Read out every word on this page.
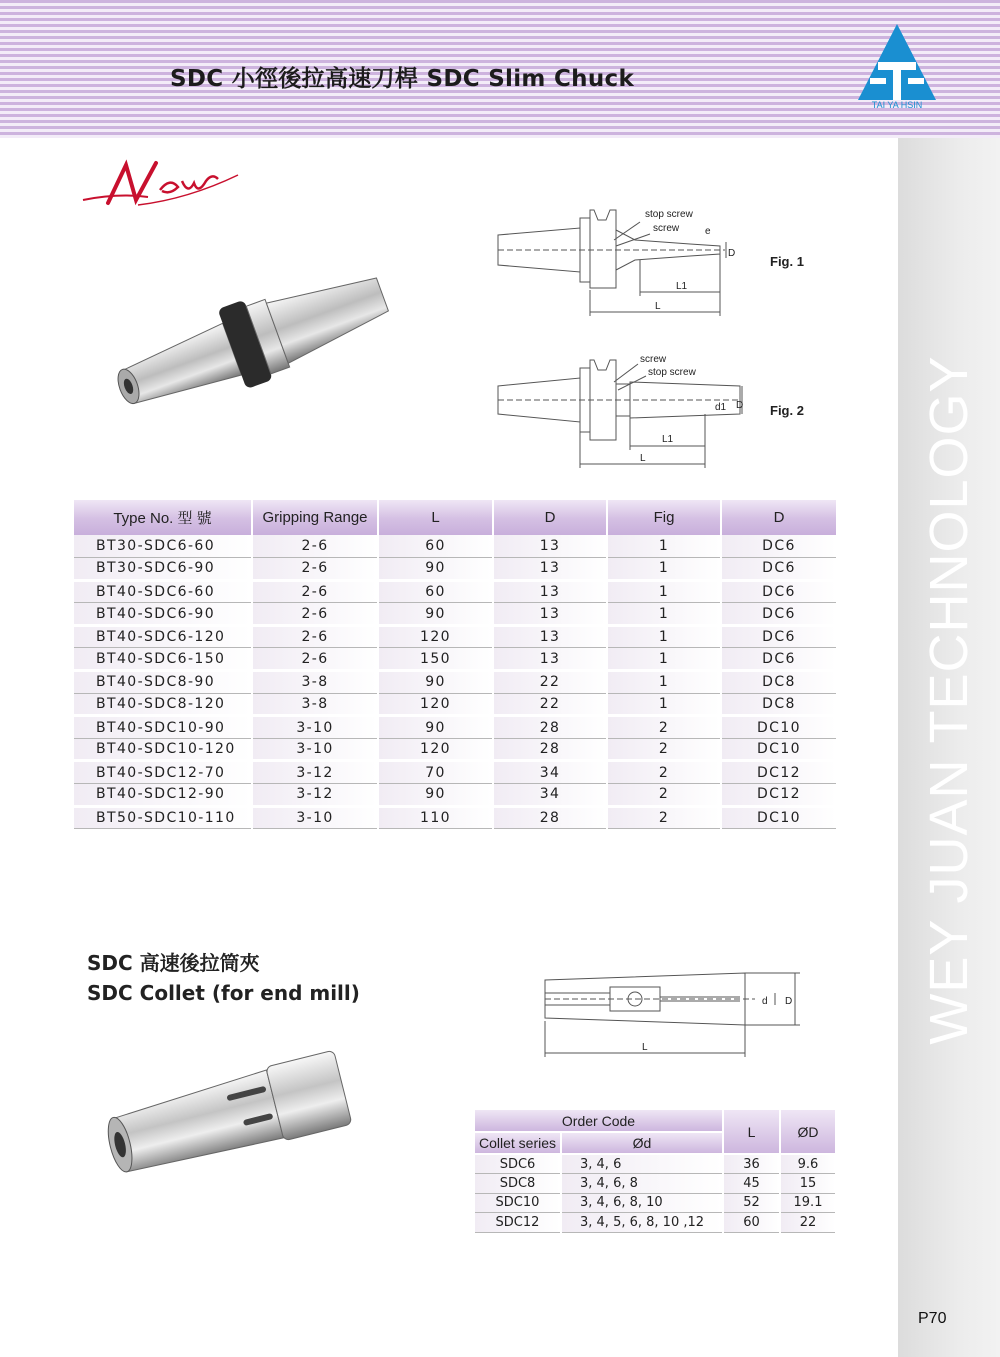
SDC 小徑後拉高速刀桿 SDC Slim Chuck
TAI YA HSIN
WEY JUAN TECHNOLOGY
P70
stop screw
screw	e
D
L1
L
Fig. 1
screw
stop screw
d1 D
L1
L
Fig. 2
Type No. 型 號	Gripping Range	L	D	Fig	D
BT30-SDC6-60	2-6	60	13	1	DC6
BT30-SDC6-90	2-6	90	13	1	DC6
BT40-SDC6-60	2-6	60	13	1	DC6
BT40-SDC6-90	2-6	90	13	1	DC6
BT40-SDC6-120	2-6	120	13	1	DC6
BT40-SDC6-150	2-6	150	13	1	DC6
BT40-SDC8-90	3-8	90	22	1	DC8
BT40-SDC8-120	3-8	120	22	1	DC8
BT40-SDC10-90	3-10	90	28	2	DC10
BT40-SDC10-120	3-10	120	28	2	DC10
BT40-SDC12-70	3-12	70	34	2	DC12
BT40-SDC12-90	3-12	90	34	2	DC12
BT50-SDC10-110	3-10	110	28	2	DC10
SDC 高速後拉筒夾
SDC Collet (for end mill)	d D
L
Order Code		L	ØD
Collet series	Ød		
SDC6	3, 4, 6	36	9.6
SDC8	3, 4, 6, 8	45	15
SDC10	3, 4, 6, 8, 10	52	19.1
SDC12	3, 4, 5, 6, 8, 10 ,12	60	22
